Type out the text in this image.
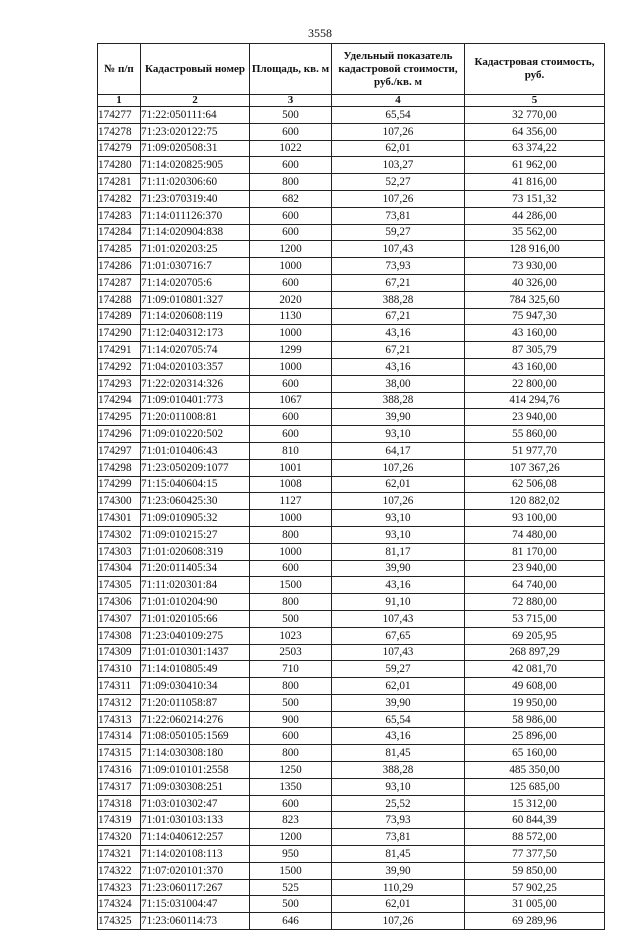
3558
№ п/п	Кадастровый номер	Площадь, кв. м	Удельный показатель кадастровой стоимости, руб./кв. м	Кадастровая стоимость, руб.
1	2	3	4	5
174277	71:22:050111:64	500	65,54	32 770,00
174278	71:23:020122:75	600	107,26	64 356,00
174279	71:09:020508:31	1022	62,01	63 374,22
174280	71:14:020825:905	600	103,27	61 962,00
174281	71:11:020306:60	800	52,27	41 816,00
174282	71:23:070319:40	682	107,26	73 151,32
174283	71:14:011126:370	600	73,81	44 286,00
174284	71:14:020904:838	600	59,27	35 562,00
174285	71:01:020203:25	1200	107,43	128 916,00
174286	71:01:030716:7	1000	73,93	73 930,00
174287	71:14:020705:6	600	67,21	40 326,00
174288	71:09:010801:327	2020	388,28	784 325,60
174289	71:14:020608:119	1130	67,21	75 947,30
174290	71:12:040312:173	1000	43,16	43 160,00
174291	71:14:020705:74	1299	67,21	87 305,79
174292	71:04:020103:357	1000	43,16	43 160,00
174293	71:22:020314:326	600	38,00	22 800,00
174294	71:09:010401:773	1067	388,28	414 294,76
174295	71:20:011008:81	600	39,90	23 940,00
174296	71:09:010220:502	600	93,10	55 860,00
174297	71:01:010406:43	810	64,17	51 977,70
174298	71:23:050209:1077	1001	107,26	107 367,26
174299	71:15:040604:15	1008	62,01	62 506,08
174300	71:23:060425:30	1127	107,26	120 882,02
174301	71:09:010905:32	1000	93,10	93 100,00
174302	71:09:010215:27	800	93,10	74 480,00
174303	71:01:020608:319	1000	81,17	81 170,00
174304	71:20:011405:34	600	39,90	23 940,00
174305	71:11:020301:84	1500	43,16	64 740,00
174306	71:01:010204:90	800	91,10	72 880,00
174307	71:01:020105:66	500	107,43	53 715,00
174308	71:23:040109:275	1023	67,65	69 205,95
174309	71:01:010301:1437	2503	107,43	268 897,29
174310	71:14:010805:49	710	59,27	42 081,70
174311	71:09:030410:34	800	62,01	49 608,00
174312	71:20:011058:87	500	39,90	19 950,00
174313	71:22:060214:276	900	65,54	58 986,00
174314	71:08:050105:1569	600	43,16	25 896,00
174315	71:14:030308:180	800	81,45	65 160,00
174316	71:09:010101:2558	1250	388,28	485 350,00
174317	71:09:030308:251	1350	93,10	125 685,00
174318	71:03:010302:47	600	25,52	15 312,00
174319	71:01:030103:133	823	73,93	60 844,39
174320	71:14:040612:257	1200	73,81	88 572,00
174321	71:14:020108:113	950	81,45	77 377,50
174322	71:07:020101:370	1500	39,90	59 850,00
174323	71:23:060117:267	525	110,29	57 902,25
174324	71:15:031004:47	500	62,01	31 005,00
174325	71:23:060114:73	646	107,26	69 289,96
